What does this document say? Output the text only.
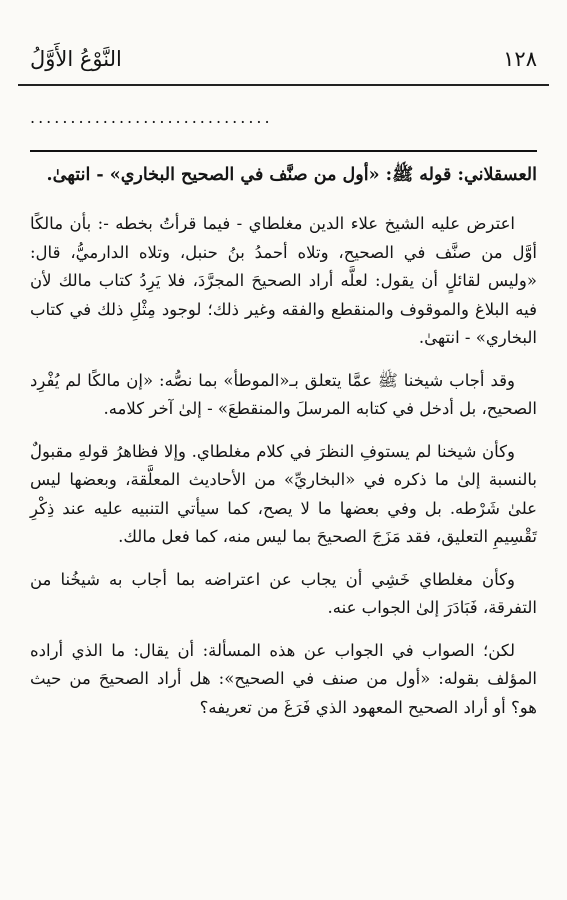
النَّوْعُ الأَوَّلُ	١٢٨
..............................

العسقلاني: قوله ﷺ: «أول من صنَّف في الصحيح البخاري» - انتهىٰ.

اعترض عليه الشيخ علاء الدين مغلطاي - فيما قرأتُ بخطه -: بأن مالكًا أوَّل من صنَّف في الصحيح، وتلاه أحمدُ بنُ حنبل، وتلاه الدارميُّ، قال: «وليس لقائلٍ أن يقول: لعلَّه أراد الصحيحَ المجرَّدَ، فلا يَرِدُ كتاب مالك لأن فيه البلاغ والموقوف والمنقطع والفقه وغير ذلك؛ لوجود مِثْلِ ذلك في كتاب البخاري» - انتهىٰ.

وقد أجاب شيخنا ﷺ عمَّا يتعلق بـ«الموطأ» بما نصُّه: «إن مالكًا لم يُفْرِد الصحيح، بل أدخل في كتابه المرسلَ والمنقطعَ» - إلىٰ آخر كلامه.

وكأن شيخنا لم يستوفِ النظرَ في كلام مغلطاي. وإلا فظاهرُ قولهِ مقبولٌ بالنسبة إلىٰ ما ذكره في «البخاريِّ» من الأحاديث المعلَّقة، وبعضها ليس علىٰ شَرْطه. بل وفي بعضها ما لا يصح، كما سيأتي التنبيه عليه عند ذِكْرِ تَقْسِيمِ التعليق، فقد مَزَجَ الصحيحَ بما ليس منه، كما فعل مالك.

وكأن مغلطاي خَشِي أن يجاب عن اعتراضه بما أجاب به شيخُنا من التفرقة، فَبَادَرَ إلىٰ الجواب عنه.

لكن؛ الصواب في الجواب عن هذه المسألة: أن يقال: ما الذي أراده المؤلف بقوله: «أول من صنف في الصحيح»: هل أراد الصحيحَ من حيث هو؟ أو أراد الصحيح المعهود الذي فَرَغَ من تعريفه؟
